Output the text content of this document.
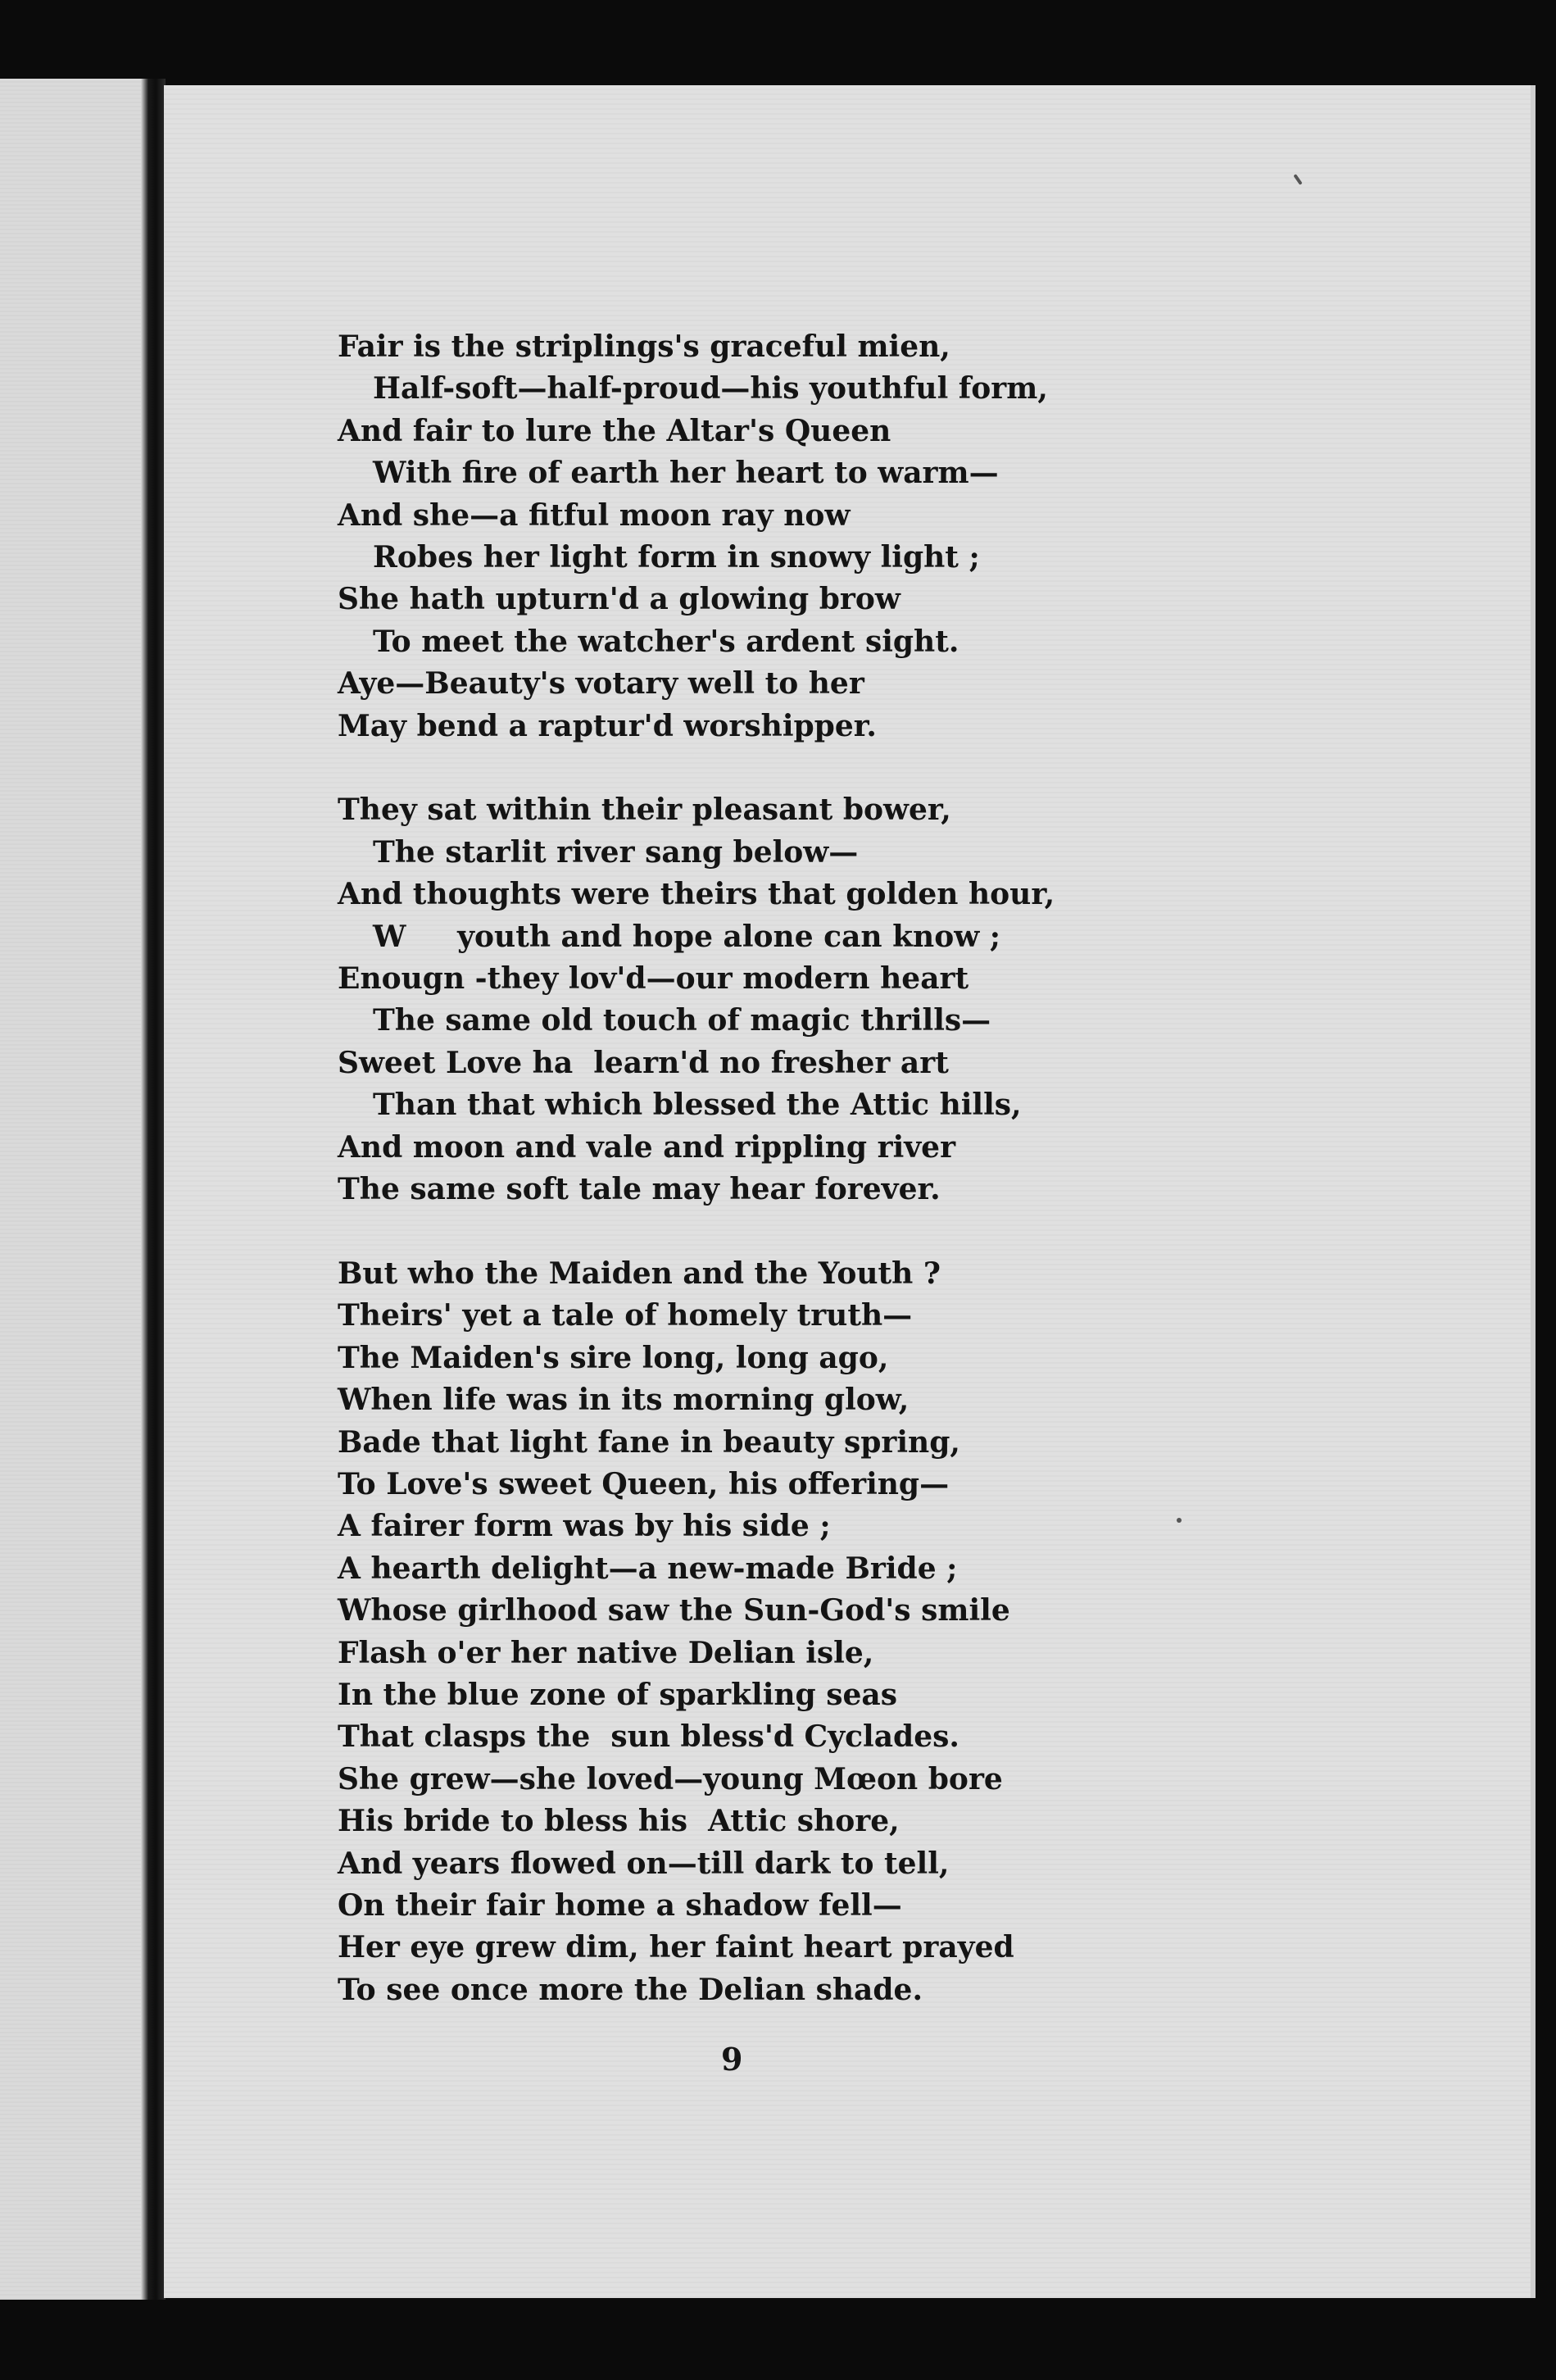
Fair is the striplings's graceful mien,
Half-soft—half-proud—his youthful form,
And fair to lure the Altar's Queen
With fire of earth her heart to warm—
And she—a fitful moon ray now
Robes her light form in snowy light ;
She hath upturn'd a glowing brow
To meet the watcher's ardent sight.
Aye—Beauty's votary well to her
May bend a raptur'd worshipper.
They sat within their pleasant bower,
The starlit river sang below—
And thoughts were theirs that golden hour,
W     youth and hope alone can know ;
Enougn -they lov'd—our modern heart
The same old touch of magic thrills—
Sweet Love ha  learn'd no fresher art
Than that which blessed the Attic hills,
And moon and vale and rippling river
The same soft tale may hear forever.
But who the Maiden and the Youth ?
Theirs' yet a tale of homely truth—
The Maiden's sire long, long ago,
When life was in its morning glow,
Bade that light fane in beauty spring,
To Love's sweet Queen, his offering—
A fairer form was by his side ;
A hearth delight—a new-made Bride ;
Whose girlhood saw the Sun-God's smile
Flash o'er her native Delian isle,
In the blue zone of sparkling seas
That clasps the  sun bless'd Cyclades.
She grew—she loved—young Mœon bore
His bride to bless his  Attic shore,
And years flowed on—till dark to tell,
On their fair home a shadow fell—
Her eye grew dim, her faint heart prayed
To see once more the Delian shade.
9
